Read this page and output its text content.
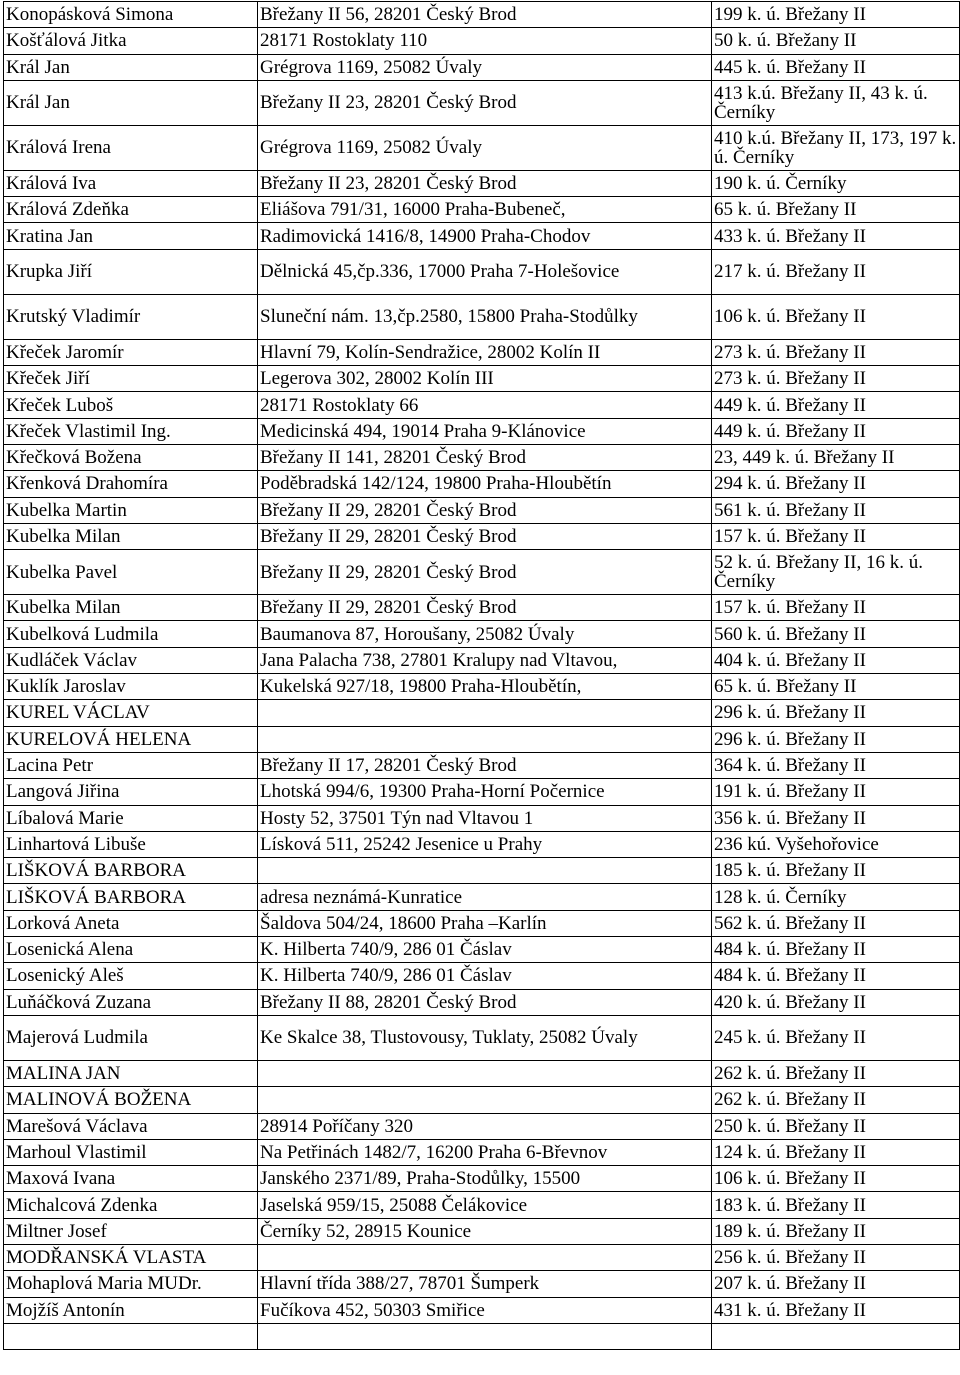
Konopásková Simona	Břežany II 56, 28201 Český Brod	199 k. ú. Břežany II
Košťálová Jitka	28171 Rostoklaty 110	50 k. ú. Břežany II
Král Jan	Grégrova 1169, 25082 Úvaly	445 k. ú. Břežany II
Král Jan	Břežany II 23, 28201 Český Brod	413 k.ú. Břežany II, 43 k. ú. Černíky
Králová Irena	Grégrova 1169, 25082 Úvaly	410 k.ú. Břežany II, 173, 197 k. ú. Černíky
Králová Iva	Břežany II 23, 28201 Český Brod	190 k. ú. Černíky
Králová Zdeňka	Eliášova 791/31, 16000 Praha-Bubeneč,	65 k. ú. Břežany II
Kratina Jan	Radimovická 1416/8, 14900 Praha-Chodov	433 k. ú. Břežany II
Krupka Jiří	Dělnická 45,čp.336, 17000 Praha 7-Holešovice	217 k. ú. Břežany II
Krutský Vladimír	Sluneční nám. 13,čp.2580, 15800 Praha-Stodůlky	106 k. ú. Břežany II
Křeček Jaromír	Hlavní 79, Kolín-Sendražice, 28002 Kolín II	273 k. ú. Břežany II
Křeček Jiří	Legerova 302, 28002 Kolín III	273 k. ú. Břežany II
Křeček Luboš	28171 Rostoklaty 66	449 k. ú. Břežany II
Křeček Vlastimil Ing.	Medicinská 494, 19014 Praha 9-Klánovice	449 k. ú. Břežany II
Křečková Božena	Břežany II 141, 28201 Český Brod	23, 449 k. ú. Břežany II
Křenková Drahomíra	Poděbradská 142/124, 19800 Praha-Hloubětín	294 k. ú. Břežany II
Kubelka Martin	Břežany II 29, 28201 Český Brod	561 k. ú. Břežany II
Kubelka Milan	Břežany II 29, 28201 Český Brod	157 k. ú. Břežany II
Kubelka Pavel	Břežany II 29, 28201 Český Brod	52 k. ú. Břežany II, 16 k. ú. Černíky
Kubelka Milan	Břežany II 29, 28201 Český Brod	157 k. ú. Břežany II
Kubelková Ludmila	Baumanova 87, Horoušany, 25082 Úvaly	560 k. ú. Břežany II
Kudláček Václav	Jana Palacha 738, 27801 Kralupy nad Vltavou,	404 k. ú. Břežany II
Kuklík Jaroslav	Kukelská 927/18, 19800 Praha-Hloubětín,	65 k. ú. Břežany II
KUREL VÁCLAV		296 k. ú. Břežany II
KURELOVÁ HELENA		296 k. ú. Břežany II
Lacina Petr	Břežany II 17, 28201 Český Brod	364 k. ú. Břežany II
Langová Jiřina	Lhotská 994/6, 19300 Praha-Horní Počernice	191 k. ú. Břežany II
Líbalová Marie	Hosty 52, 37501 Týn nad Vltavou 1	356 k. ú. Břežany II
Linhartová Libuše	Lísková 511, 25242 Jesenice u Prahy	236 kú. Vyšehořovice
LIŠKOVÁ BARBORA		185 k. ú. Břežany II
LIŠKOVÁ BARBORA	adresa neznámá-Kunratice	128 k. ú. Černíky
Lorková Aneta	Šaldova 504/24, 18600 Praha –Karlín	562 k. ú. Břežany II
Losenická Alena	K. Hilberta 740/9, 286 01 Čáslav	484 k. ú. Břežany II
Losenický Aleš	K. Hilberta 740/9, 286 01 Čáslav	484 k. ú. Břežany II
Luňáčková Zuzana	Břežany II 88, 28201 Český Brod	420 k. ú. Břežany II
Majerová Ludmila	Ke Skalce 38, Tlustovousy, Tuklaty, 25082 Úvaly	245 k. ú. Břežany II
MALINA JAN		262 k. ú. Břežany II
MALINOVÁ BOŽENA		262 k. ú. Břežany II
Marešová Václava	28914 Poříčany 320	250 k. ú. Břežany II
Marhoul Vlastimil	Na Petřinách 1482/7, 16200 Praha 6-Břevnov	124 k. ú. Břežany II
Maxová Ivana	Janského 2371/89, Praha-Stodůlky, 15500	106 k. ú. Břežany II
Michalcová Zdenka	Jaselská 959/15, 25088 Čelákovice	183 k. ú. Břežany II
Miltner Josef	Černíky 52, 28915 Kounice	189 k. ú. Břežany II
MODŘANSKÁ VLASTA		256 k. ú. Břežany II
Mohaplová Maria MUDr.	Hlavní třída 388/27, 78701 Šumperk	207 k. ú. Břežany II
Mojžíš Antonín	Fučíkova 452, 50303 Smiřice	431 k. ú. Břežany II
